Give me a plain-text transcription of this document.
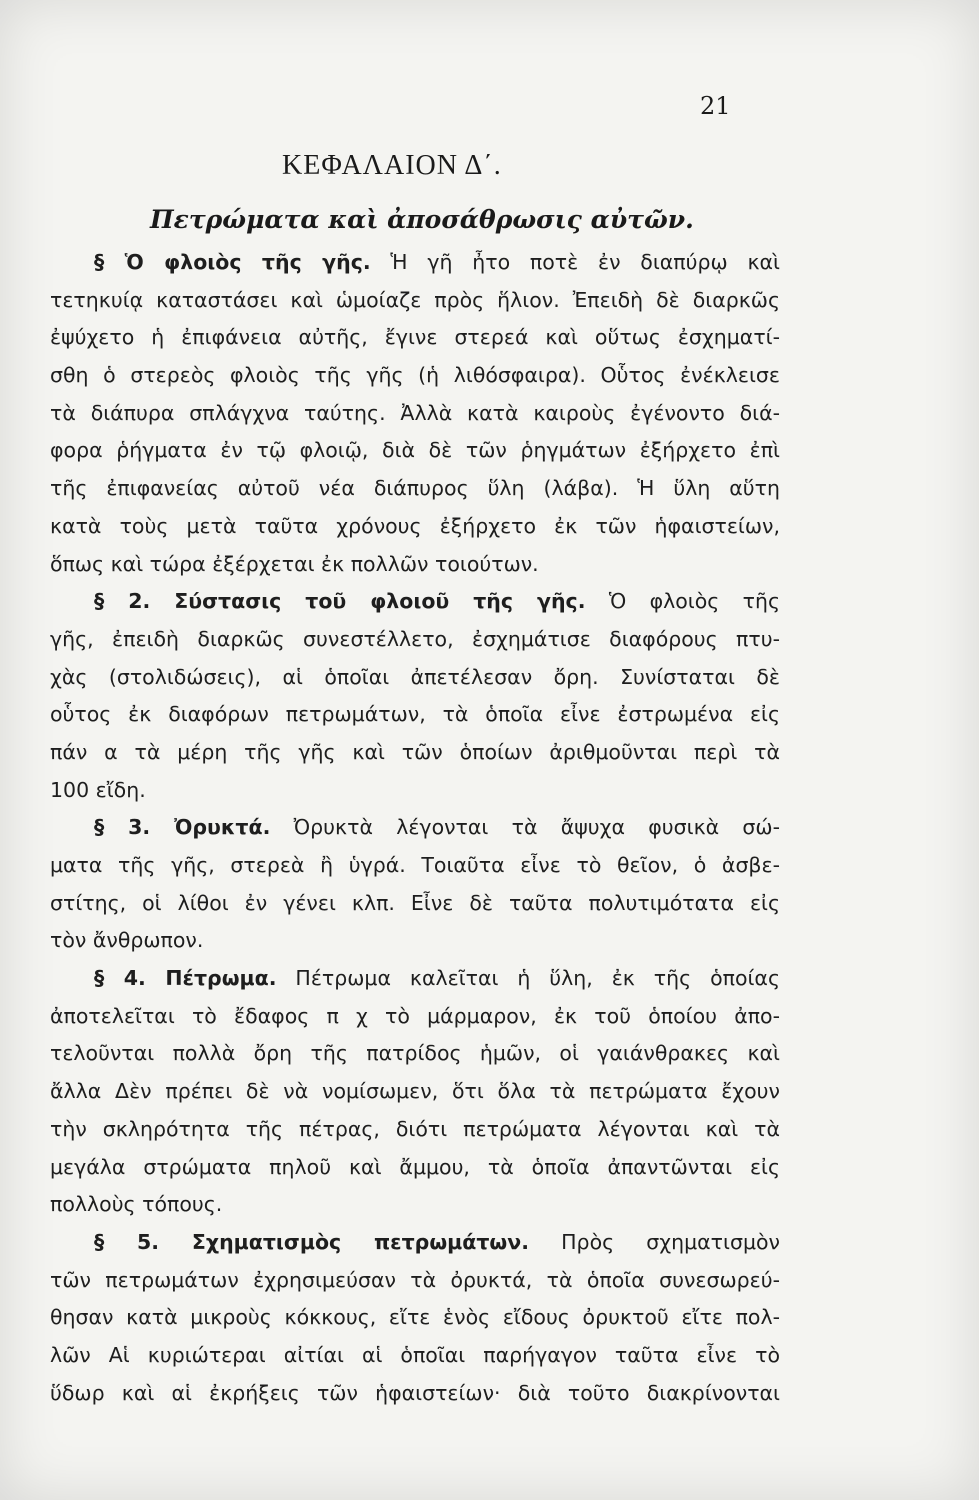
21
ΚΕΦΑΛΑΙΟΝ Δ΄.
Πετρώματα καὶ ἀποσάθρωσις αὐτῶν.
§ Ὁ φλοιὸς τῆς γῆς. Ἡ γῆ ἦτο ποτὲ ἐν διαπύρῳ καὶ
τετηκυίᾳ καταστάσει καὶ ὡμοίαζε πρὸς ἥλιον. Ἐπειδὴ δὲ διαρκῶς
ἐψύχετο ἡ ἐπιφάνεια αὐτῆς, ἔγινε στερεά καὶ οὕτως ἐσχηματί-
σθη ὁ στερεὸς φλοιὸς τῆς γῆς (ἡ λιθόσφαιρα). Οὗτος ἐνέκλεισε
τὰ διάπυρα σπλάγχνα ταύτης. Ἀλλὰ κατὰ καιροὺς ἐγένοντο διά-
φορα ῥήγματα ἐν τῷ φλοιῷ, διὰ δὲ τῶν ῥηγμάτων ἐξήρχετο ἐπὶ
τῆς ἐπιφανείας αὐτοῦ νέα διάπυρος ὕλη (λάβα). Ἡ ὕλη αὕτη
κατὰ τοὺς μετὰ ταῦτα χρόνους ἐξήρχετο ἐκ τῶν ἡφαιστείων,
ὅπως καὶ τώρα ἐξέρχεται ἐκ πολλῶν τοιούτων.
§ 2. Σύστασις τοῦ φλοιοῦ τῆς γῆς. Ὁ φλοιὸς τῆς
γῆς, ἐπειδὴ διαρκῶς συνεστέλλετο, ἐσχημάτισε διαφόρους πτυ-
χὰς (στολιδώσεις), αἱ ὁποῖαι ἀπετέλεσαν ὄρη. Συνίσταται δὲ
οὗτος ἐκ διαφόρων πετρωμάτων, τὰ ὁποῖα εἶνε ἐστρωμένα εἰς
πάν α τὰ μέρη τῆς γῆς καὶ τῶν ὁποίων ἀριθμοῦνται περὶ τὰ
100 εἴδη.
§ 3. Ὀρυκτά. Ὀρυκτὰ λέγονται τὰ ἄψυχα φυσικὰ σώ-
ματα τῆς γῆς, στερεὰ ἢ ὑγρά. Τοιαῦτα εἶνε τὸ θεῖον, ὁ ἀσβε-
στίτης, οἱ λίθοι ἐν γένει κλπ. Εἶνε δὲ ταῦτα πολυτιμότατα εἰς
τὸν ἄνθρωπον.
§ 4. Πέτρωμα. Πέτρωμα καλεῖται ἡ ὕλη, ἐκ τῆς ὁποίας
ἀποτελεῖται τὸ ἔδαφος π χ τὸ μάρμαρον, ἐκ τοῦ ὁποίου ἀπο-
τελοῦνται πολλὰ ὄρη τῆς πατρίδος ἡμῶν, οἱ γαιάνθρακες καὶ
ἄλλα Δὲν πρέπει δὲ νὰ νομίσωμεν, ὅτι ὅλα τὰ πετρώματα ἔχουν
τὴν σκληρότητα τῆς πέτρας, διότι πετρώματα λέγονται καὶ τὰ
μεγάλα στρώματα πηλοῦ καὶ ἄμμου, τὰ ὁποῖα ἀπαντῶνται εἰς
πολλοὺς τόπους.
§ 5. Σχηματισμὸς πετρωμάτων. Πρὸς σχηματισμὸν
τῶν πετρωμάτων ἐχρησιμεύσαν τὰ ὀρυκτά, τὰ ὁποῖα συνεσωρεύ-
θησαν κατὰ μικροὺς κόκκους, εἴτε ἑνὸς εἴδους ὀρυκτοῦ εἴτε πολ-
λῶν Αἱ κυριώτεραι αἰτίαι αἱ ὁποῖαι παρήγαγον ταῦτα εἶνε τὸ
ὕδωρ καὶ αἱ ἐκρήξεις τῶν ἡφαιστείων· διὰ τοῦτο διακρίνονται
